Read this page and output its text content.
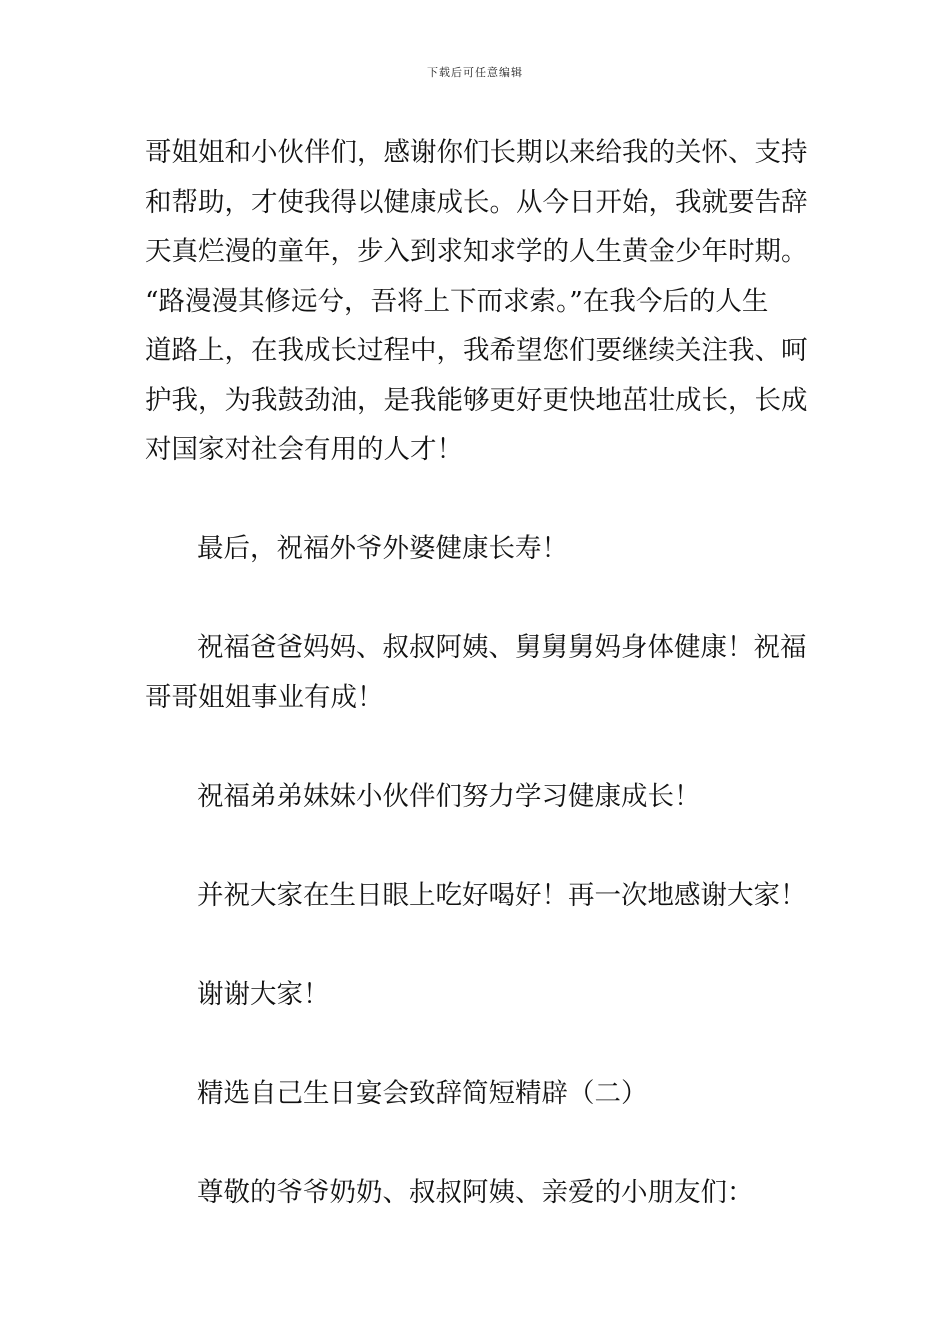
下载后可任意编辑
哥姐姐和小伙伴们，感谢你们长期以来给我的关怀、支持
和帮助，才使我得以健康成长。从今日开始，我就要告辞
天真烂漫的童年，步入到求知求学的人生黄金少年时期。
“路漫漫其修远兮，吾将上下而求索。”在我今后的人生
道路上，在我成长过程中，我希望您们要继续关注我、呵
护我，为我鼓劲油，是我能够更好更快地茁壮成长，长成
对国家对社会有用的人才！
最后，祝福外爷外婆健康长寿！
祝福爸爸妈妈、叔叔阿姨、舅舅舅妈身体健康！祝福
哥哥姐姐事业有成！
祝福弟弟妹妹小伙伴们努力学习健康成长！
并祝大家在生日眼上吃好喝好！再一次地感谢大家！
谢谢大家！
精选自己生日宴会致辞简短精辟（二）
尊敬的爷爷奶奶、叔叔阿姨、亲爱的小朋友们：
